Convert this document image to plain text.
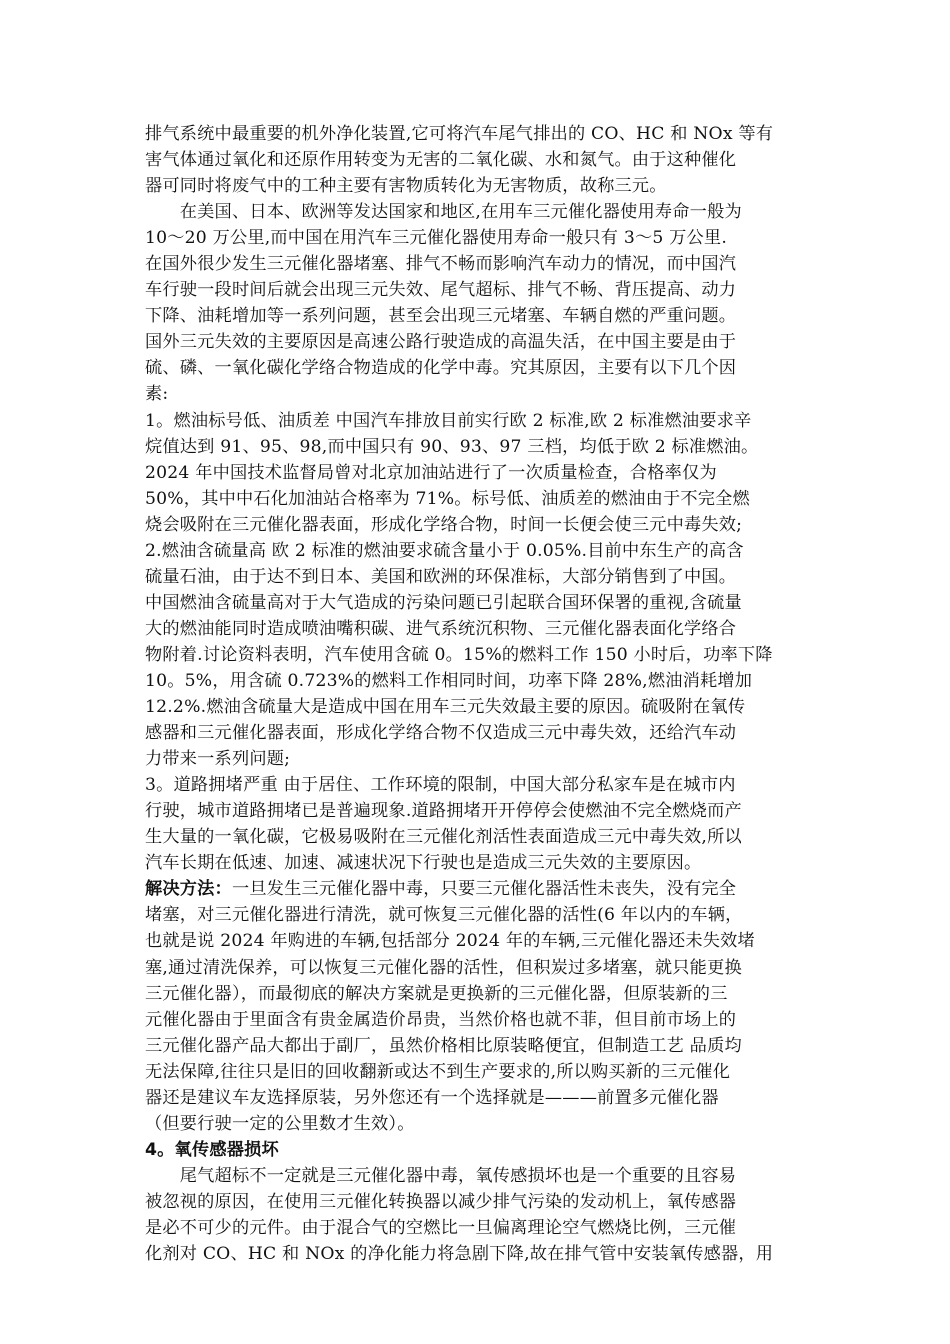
排气系统中最重要的机外净化装置,它可将汽车尾气排出的 CO、HC 和 NOx 等有
害气体通过氧化和还原作用转变为无害的二氧化碳、水和氮气。由于这种催化
器可同时将废气中的工种主要有害物质转化为无害物质，故称三元。
　　在美国、日本、欧洲等发达国家和地区,在用车三元催化器使用寿命一般为
10～20 万公里,而中国在用汽车三元催化器使用寿命一般只有 3～5 万公里.
在国外很少发生三元催化器堵塞、排气不畅而影响汽车动力的情况，而中国汽
车行驶一段时间后就会出现三元失效、尾气超标、排气不畅、背压提高、动力
下降、油耗增加等一系列问题，甚至会出现三元堵塞、车辆自燃的严重问题。
国外三元失效的主要原因是高速公路行驶造成的高温失活，在中国主要是由于
硫、磷、一氧化碳化学络合物造成的化学中毒。究其原因，主要有以下几个因
素:
1。燃油标号低、油质差 中国汽车排放目前实行欧 2 标准,欧 2 标准燃油要求辛
烷值达到 91、95、98,而中国只有 90、93、97 三档，均低于欧 2 标准燃油。
2024 年中国技术监督局曾对北京加油站进行了一次质量检查，合格率仅为
50%，其中中石化加油站合格率为 71%。标号低、油质差的燃油由于不完全燃
烧会吸附在三元催化器表面，形成化学络合物，时间一长便会使三元中毒失效;
2.燃油含硫量高 欧 2 标准的燃油要求硫含量小于 0.05%.目前中东生产的高含
硫量石油，由于达不到日本、美国和欧洲的环保准标，大部分销售到了中国。
中国燃油含硫量高对于大气造成的污染问题已引起联合国环保署的重视,含硫量
大的燃油能同时造成喷油嘴积碳、进气系统沉积物、三元催化器表面化学络合
物附着.讨论资料表明，汽车使用含硫 0。15%的燃料工作 150 小时后，功率下降
10。5%，用含硫 0.723%的燃料工作相同时间，功率下降 28%,燃油消耗增加
12.2%.燃油含硫量大是造成中国在用车三元失效最主要的原因。硫吸附在氧传
感器和三元催化器表面，形成化学络合物不仅造成三元中毒失效，还给汽车动
力带来一系列问题;
3。道路拥堵严重 由于居住、工作环境的限制，中国大部分私家车是在城市内
行驶，城市道路拥堵已是普遍现象.道路拥堵开开停停会使燃油不完全燃烧而产
生大量的一氧化碳，它极易吸附在三元催化剂活性表面造成三元中毒失效,所以
汽车长期在低速、加速、减速状况下行驶也是造成三元失效的主要原因。
解决方法：一旦发生三元催化器中毒，只要三元催化器活性未丧失，没有完全
堵塞，对三元催化器进行清洗，就可恢复三元催化器的活性(6 年以内的车辆，
也就是说 2024 年购进的车辆,包括部分 2024 年的车辆,三元催化器还未失效堵
塞,通过清洗保养，可以恢复三元催化器的活性，但积炭过多堵塞，就只能更换
三元催化器），而最彻底的解决方案就是更换新的三元催化器，但原装新的三
元催化器由于里面含有贵金属造价昂贵，当然价格也就不菲，但目前市场上的
三元催化器产品大都出于副厂，虽然价格相比原装略便宜，但制造工艺 品质均
无法保障,往往只是旧的回收翻新或达不到生产要求的,所以购买新的三元催化
器还是建议车友选择原装，另外您还有一个选择就是———前置多元催化器
（但要行驶一定的公里数才生效）。
4。氧传感器损坏
　　尾气超标不一定就是三元催化器中毒，氧传感损坏也是一个重要的且容易
被忽视的原因，在使用三元催化转换器以减少排气污染的发动机上，氧传感器
是必不可少的元件。由于混合气的空燃比一旦偏离理论空气燃烧比例，三元催
化剂对 CO、HC 和 NOx 的净化能力将急剧下降,故在排气管中安装氧传感器，用
